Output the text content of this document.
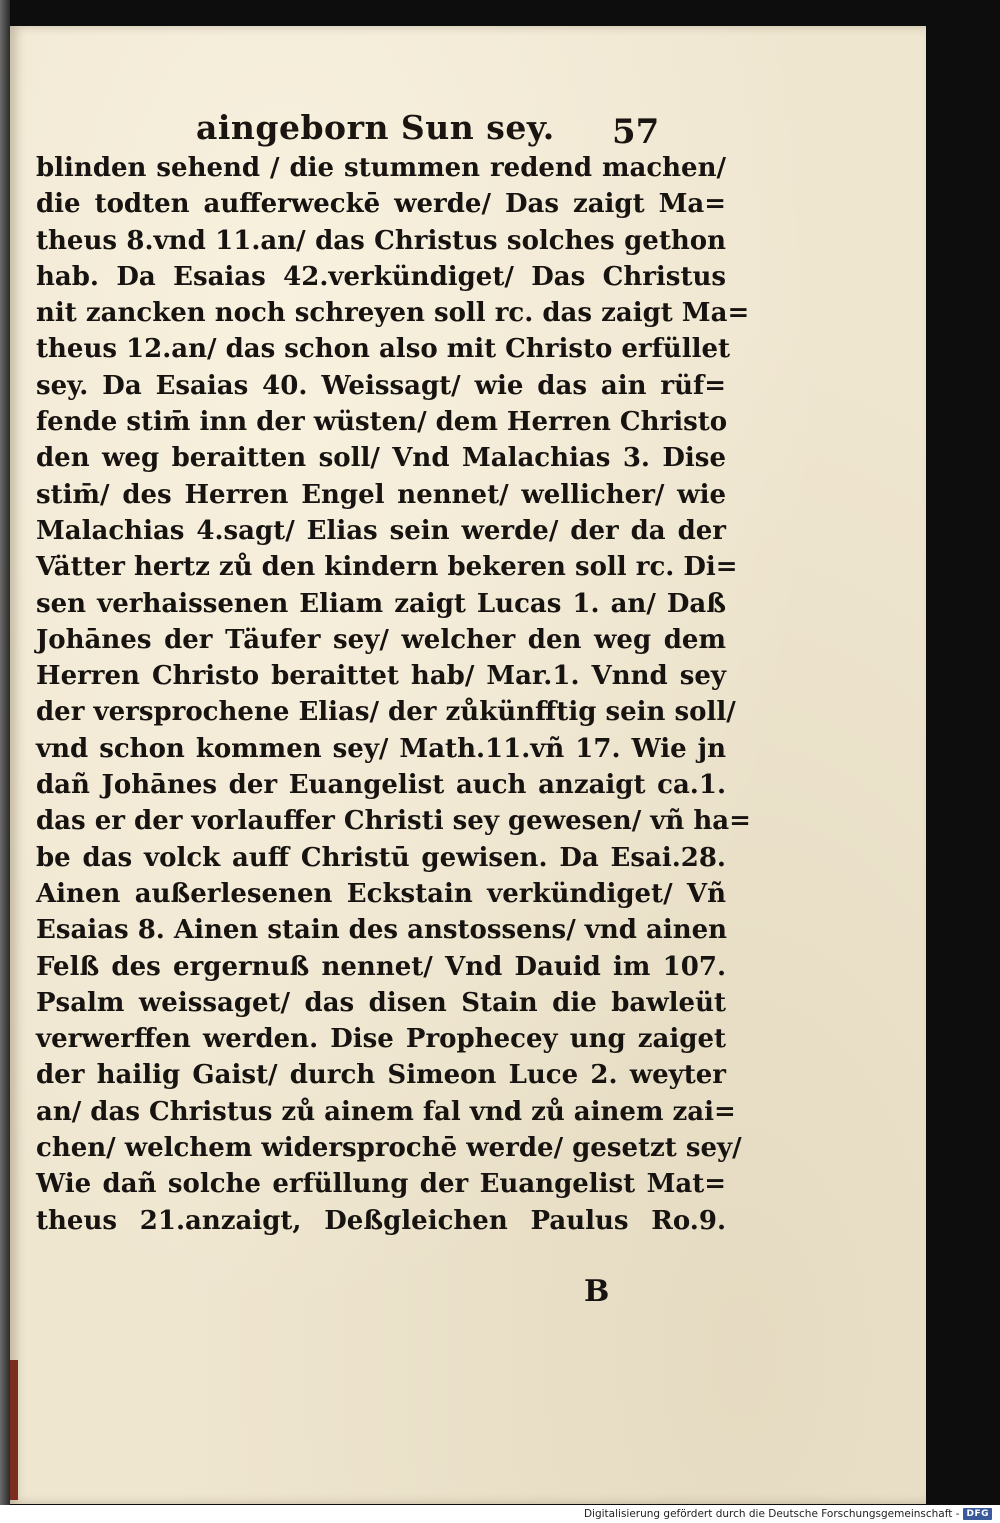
aingeborn Sun sey. 57
blinden sehend / die stummen redend machen/
die todten aufferweckē werde/ Das zaigt Ma=
theus 8.vnd 11.an/ das Christus solches gethon
hab. Da Esaias 42.verkündiget/ Das Christus
nit zancken noch schreyen soll rc. das zaigt Ma=
theus 12.an/ das schon also mit Christo erfüllet
sey. Da Esaias 40. Weissagt/ wie das ain rüf=
fende stim̄ inn der wüsten/ dem Herren Christo
den weg beraitten soll/ Vnd Malachias 3. Dise
stim̄/ des Herren Engel nennet/ wellicher/ wie
Malachias 4.sagt/ Elias sein werde/ der da der
Vätter hertz zů den kindern bekeren soll rc. Di=
sen verhaissenen Eliam zaigt Lucas 1. an/ Daß
Johānes der Täufer sey/ welcher den weg dem
Herren Christo beraittet hab/ Mar.1. Vnnd sey
der versprochene Elias/ der zůkünfftig sein soll/
vnd schon kommen sey/ Math.11.vñ 17. Wie jn
dañ Johānes der Euangelist auch anzaigt ca.1.
das er der vorlauffer Christi sey gewesen/ vñ ha=
be das volck auff Christū gewisen. Da Esai.28.
Ainen außerlesenen Eckstain verkündiget/ Vñ
Esaias 8. Ainen stain des anstossens/ vnd ainen
Felß des ergernuß nennet/ Vnd Dauid im 107.
Psalm weissaget/ das disen Stain die bawleüt
verwerffen werden. Dise Prophecey ung zaiget
der hailig Gaist/ durch Simeon Luce 2. weyter
an/ das Christus zů ainem fal vnd zů ainem zai=
chen/ welchem widersprochē werde/ gesetzt sey/
Wie dañ solche erfüllung der Euangelist Mat=
theus 21.anzaigt, Deßgleichen Paulus Ro.9.
B
Digitalisierung gefördert durch die Deutsche Forschungsgemeinschaft - DFG
